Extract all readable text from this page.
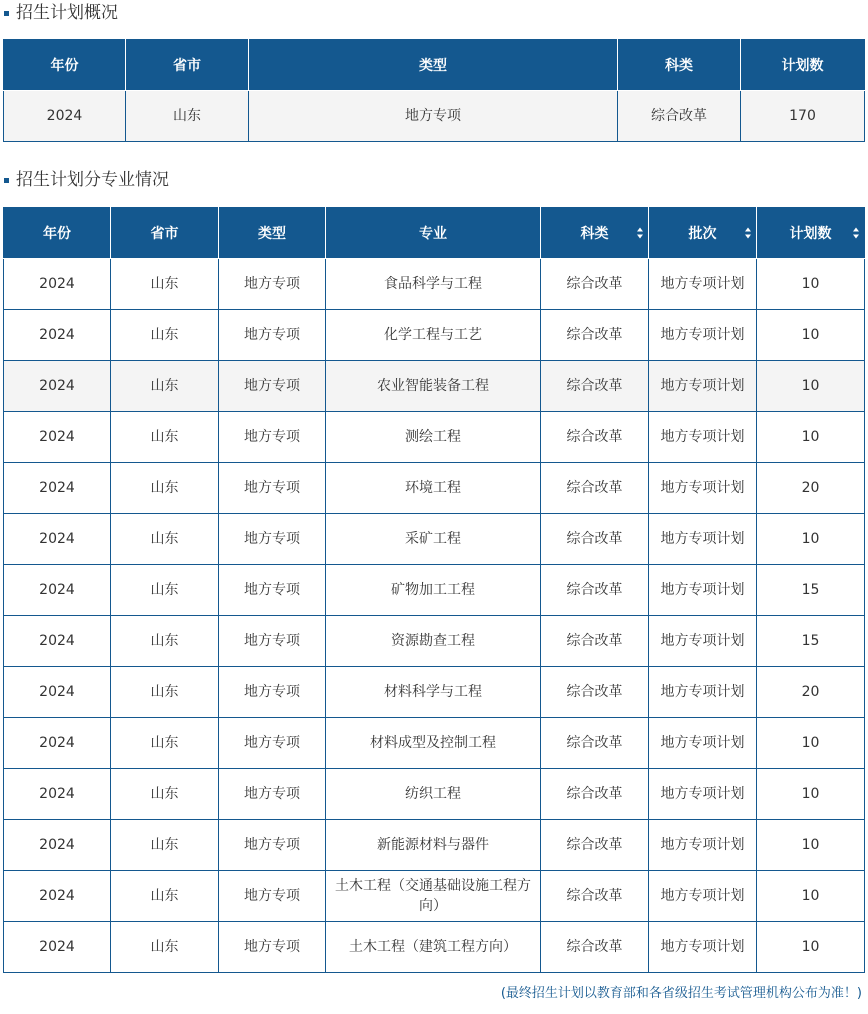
招生计划概况
年份	省市	类型	科类	计划数
2024	山东	地方专项	综合改革	170
招生计划分专业情况
年份	省市	类型	专业	科类	批次	计划数

2024	山东	地方专项	食品科学与工程	综合改革	地方专项计划	10
2024	山东	地方专项	化学工程与工艺	综合改革	地方专项计划	10
2024	山东	地方专项	农业智能装备工程	综合改革	地方专项计划	10
2024	山东	地方专项	测绘工程	综合改革	地方专项计划	10
2024	山东	地方专项	环境工程	综合改革	地方专项计划	20
2024	山东	地方专项	采矿工程	综合改革	地方专项计划	10
2024	山东	地方专项	矿物加工工程	综合改革	地方专项计划	15
2024	山东	地方专项	资源勘查工程	综合改革	地方专项计划	15
2024	山东	地方专项	材料科学与工程	综合改革	地方专项计划	20
2024	山东	地方专项	材料成型及控制工程	综合改革	地方专项计划	10
2024	山东	地方专项	纺织工程	综合改革	地方专项计划	10
2024	山东	地方专项	新能源材料与器件	综合改革	地方专项计划	10
2024	山东	地方专项	土木工程（交通基础设施工程方向）	综合改革	地方专项计划	10
2024	山东	地方专项	土木工程（建筑工程方向）	综合改革	地方专项计划	10
(最终招生计划以教育部和各省级招生考试管理机构公布为准！)
